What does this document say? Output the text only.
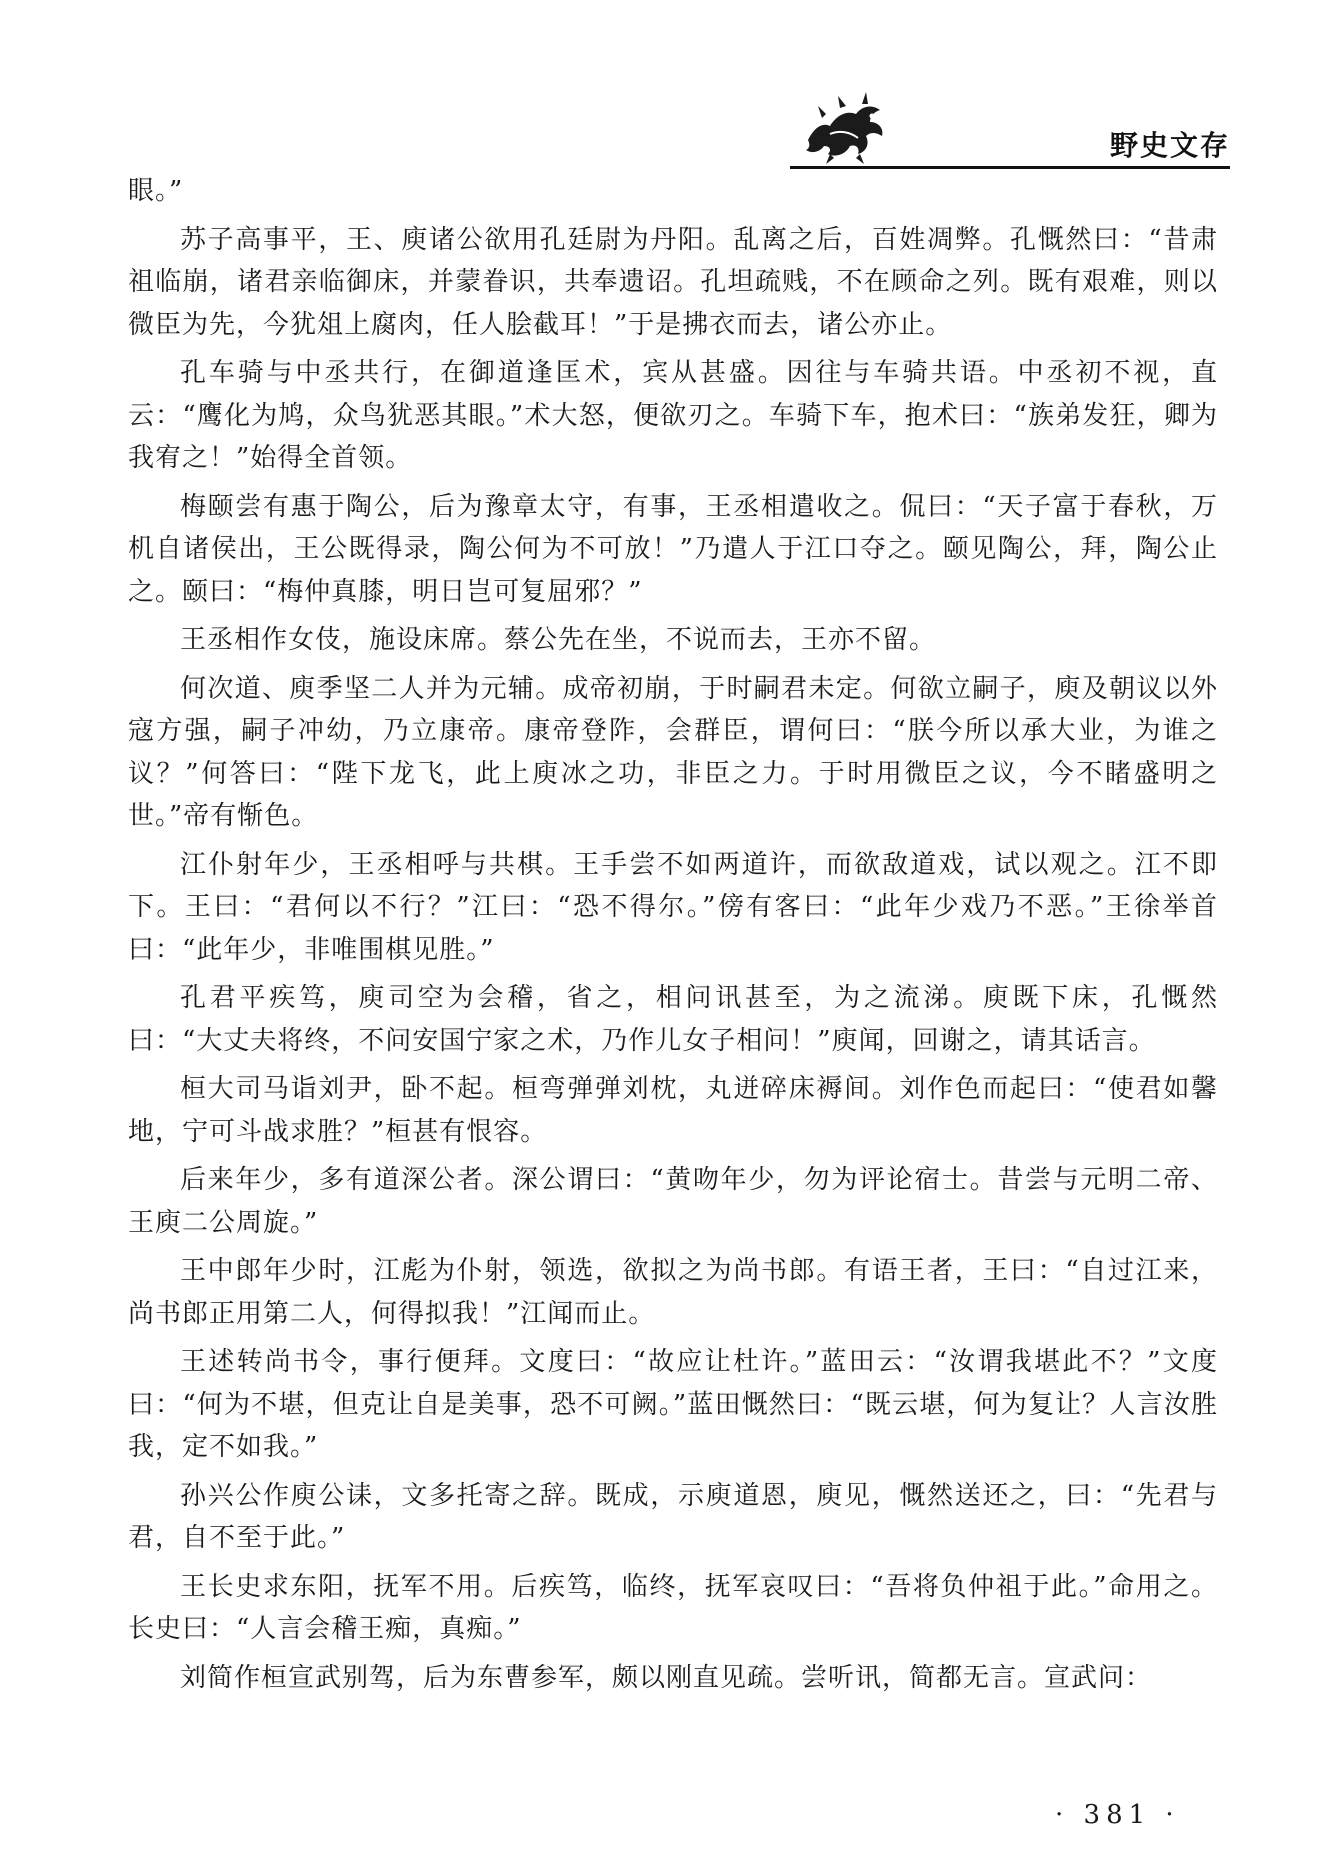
野史文存

眼。”

苏子高事平，王、庾诸公欲用孔廷尉为丹阳。乱离之后，百姓凋弊。孔慨然曰：“昔肃祖临崩，诸君亲临御床，并蒙眷识，共奉遗诏。孔坦疏贱，不在顾命之列。既有艰难，则以微臣为先，今犹俎上腐肉，任人脍截耳！”于是拂衣而去，诸公亦止。

孔车骑与中丞共行，在御道逢匡术，宾从甚盛。因往与车骑共语。中丞初不视，直云：“鹰化为鸠，众鸟犹恶其眼。”术大怒，便欲刃之。车骑下车，抱术曰：“族弟发狂，卿为我宥之！”始得全首领。

梅颐尝有惠于陶公，后为豫章太守，有事，王丞相遣收之。侃曰：“天子富于春秋，万机自诸侯出，王公既得录，陶公何为不可放！”乃遣人于江口夺之。颐见陶公，拜，陶公止之。颐曰：“梅仲真膝，明日岂可复屈邪？”

王丞相作女伎，施设床席。蔡公先在坐，不说而去，王亦不留。

何次道、庾季坚二人并为元辅。成帝初崩，于时嗣君未定。何欲立嗣子，庾及朝议以外寇方强，嗣子冲幼，乃立康帝。康帝登阼，会群臣，谓何曰：“朕今所以承大业，为谁之议？”何答曰：“陛下龙飞，此上庾冰之功，非臣之力。于时用微臣之议，今不睹盛明之世。”帝有惭色。

江仆射年少，王丞相呼与共棋。王手尝不如两道许，而欲敌道戏，试以观之。江不即下。王曰：“君何以不行？”江曰：“恐不得尔。”傍有客曰：“此年少戏乃不恶。”王徐举首曰：“此年少，非唯围棋见胜。”

孔君平疾笃，庾司空为会稽，省之，相问讯甚至，为之流涕。庾既下床，孔慨然曰：“大丈夫将终，不问安国宁家之术，乃作儿女子相问！”庾闻，回谢之，请其话言。

桓大司马诣刘尹，卧不起。桓弯弹弹刘枕，丸迸碎床褥间。刘作色而起曰：“使君如馨地，宁可斗战求胜？”桓甚有恨容。

后来年少，多有道深公者。深公谓曰：“黄吻年少，勿为评论宿士。昔尝与元明二帝、王庾二公周旋。”

王中郎年少时，江彪为仆射，领选，欲拟之为尚书郎。有语王者，王曰：“自过江来，尚书郎正用第二人，何得拟我！”江闻而止。

王述转尚书令，事行便拜。文度曰：“故应让杜许。”蓝田云：“汝谓我堪此不？”文度曰：“何为不堪，但克让自是美事，恐不可阙。”蓝田慨然曰：“既云堪，何为复让？人言汝胜我，定不如我。”

孙兴公作庾公诔，文多托寄之辞。既成，示庾道恩，庾见，慨然送还之，曰：“先君与君，自不至于此。”

王长史求东阳，抚军不用。后疾笃，临终，抚军哀叹曰：“吾将负仲祖于此。”命用之。长史曰：“人言会稽王痴，真痴。”

刘简作桓宣武别驾，后为东曹参军，颇以刚直见疏。尝听讯，简都无言。宣武问：

· 381 ·
